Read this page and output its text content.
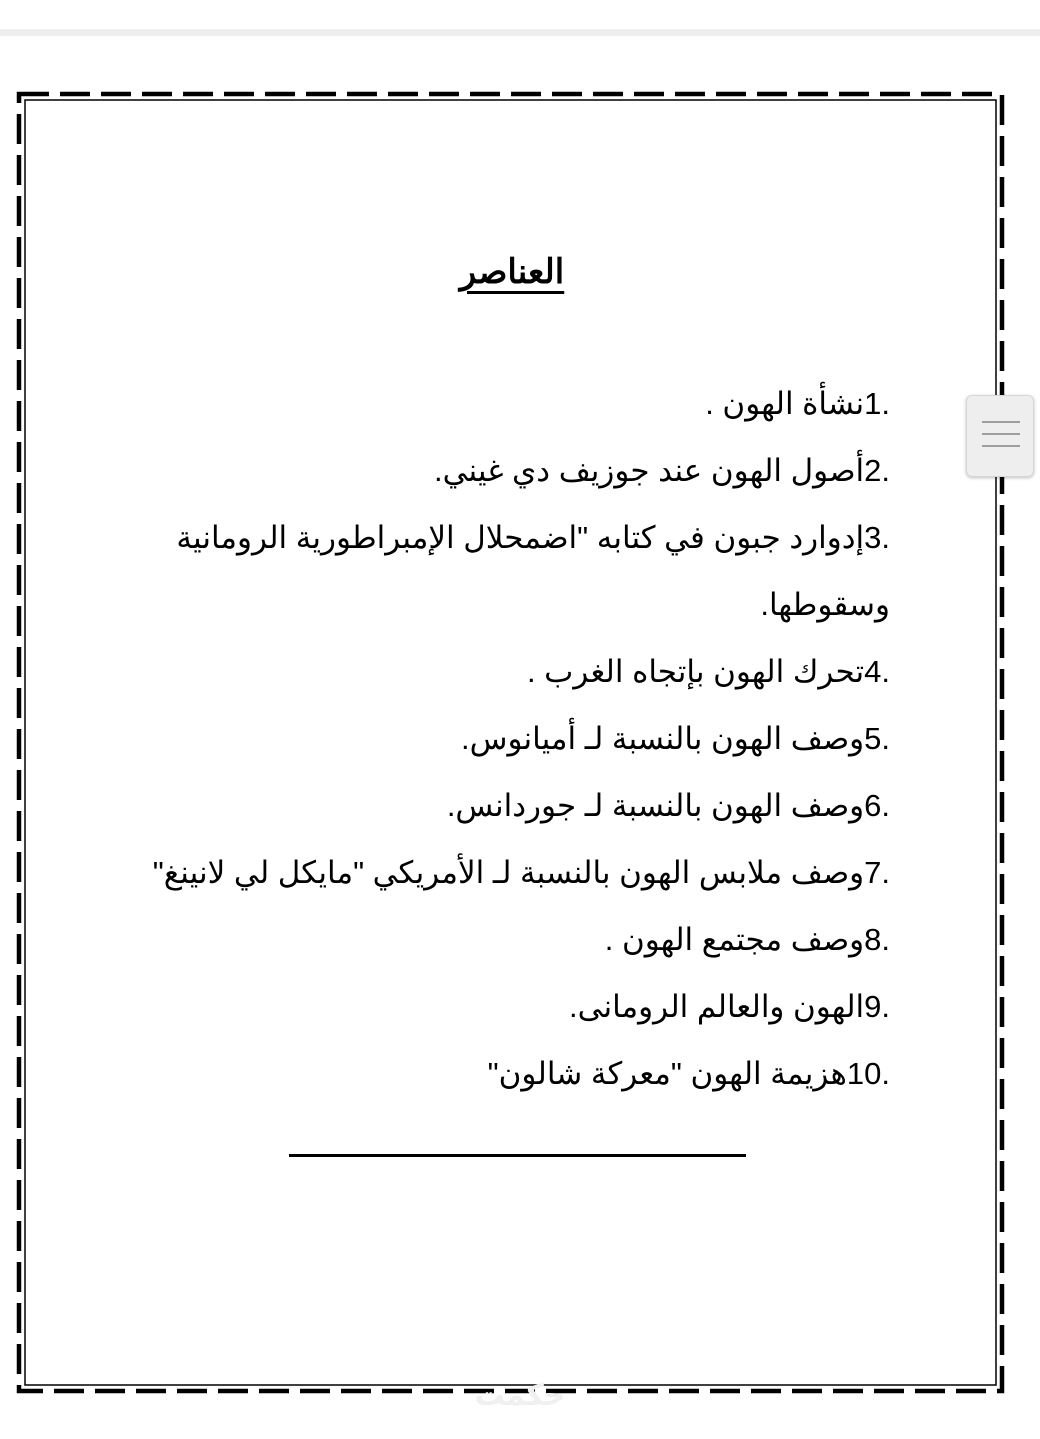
العناصر
1.نشأة الهون .
2.أصول الهون عند جوزيف دي غيني.
3.إدوارد جبون في كتابه "اضمحلال الإمبراطورية الرومانية وسقوطها.
4.تحرك الهون بإتجاه الغرب .
5.وصف الهون بالنسبة لـ أميانوس.
6.وصف الهون بالنسبة لـ جوردانس.
7.وصف ملابس الهون بالنسبة لـ الأمريكي "مايكل لي لانينغ"
8.وصف مجتمع الهون .
9.الهون والعالم الرومانى.
10.هزيمة الهون "معركة شالون"
حكمت
